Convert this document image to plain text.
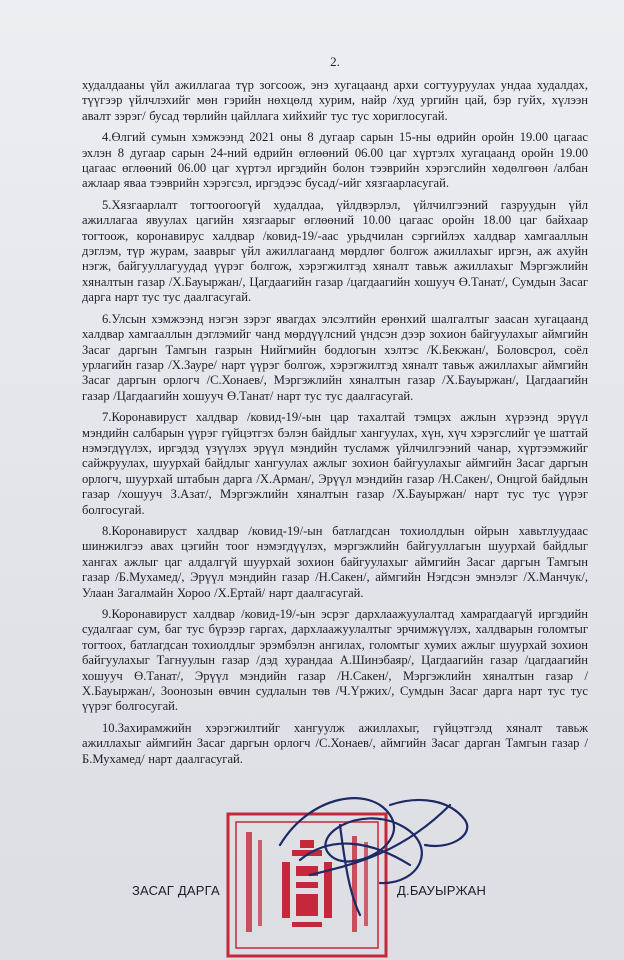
2.

худалдааны үйл ажиллагаа түр зогсоож, энэ хугацаанд архи согтууруулах ундаа худалдах, түүгээр үйлчлэхийг мөн гэрийн нөхцөлд хурим, найр /худ ургийн цай, бэр гуйх, хүлээн авалт зэрэг/ бусад төрлийн цайллага хийхийг тус тус хориглосугай.

4.Өлгий сумын хэмжээнд 2021 оны 8 дугаар сарын 15-ны өдрийн оройн 19.00 цагаас эхлэн 8 дугаар сарын 24-ний өдрийн өглөөний 06.00 цаг хүртэлх хугацаанд оройн 19.00 цагаас өглөөний 06.00 цаг хүртэл иргэдийн болон тээврийн хэрэгслийн хөдөлгөөн /албан ажлаар яваа тээврийн хэрэгсэл, иргэдээс бусад/-ийг хязгаарласугай.

5.Хязгаарлалт тогтоогоогүй худалдаа, үйлдвэрлэл, үйлчилгээний газруудын үйл ажиллагаа явуулах цагийн хязгаарыг өглөөний 10.00 цагаас оройн 18.00 цаг байхаар тогтоож, коронавирус халдвар /ковид-19/-аас урьдчилан сэргийлэх халдвар хамгааллын дэглэм, түр журам, зааврыг үйл ажиллагаанд мөрдлөг болгож ажиллахыг иргэн, аж ахуйн нэгж, байгууллагуудад үүрэг болгож, хэрэгжилтэд хяналт тавьж ажиллахыг Мэргэжлийн хяналтын газар /Х.Бауыржан/, Цагдаагийн газар /цагдаагийн хошууч Ө.Танат/, Сумдын Засаг дарга нарт тус тус даалгасугай.

6.Улсын хэмжээнд нэгэн зэрэг явагдах элсэлтийн ерөнхий шалгалтыг заасан хугацаанд халдвар хамгааллын дэглэмийг чанд мөрдүүлсний үндсэн дээр зохион байгуулахыг аймгийн Засаг даргын Тамгын газрын Нийгмийн бодлогын хэлтэс /К.Бекжан/, Боловсрол, соёл урлагийн газар /Х.Зауре/ нарт үүрэг болгож, хэрэгжилтэд хяналт тавьж ажиллахыг аймгийн Засаг даргын орлогч /С.Хонаев/, Мэргэжлийн хяналтын газар /Х.Бауыржан/, Цагдаагийн газар /Цагдаагийн хошууч Ө.Танат/ нарт тус тус даалгасугай.

7.Коронавируст халдвар /ковид-19/-ын цар тахалтай тэмцэх ажлын хүрээнд эрүүл мэндийн салбарын үүрэг гүйцэтгэх бэлэн байдлыг хангуулах, хүн, хүч хэрэгслийг үе шаттай нэмэгдүүлэх, иргэдэд үзүүлэх эрүүл мэндийн тусламж үйлчилгээний чанар, хүртээмжийг сайжруулах, шуурхай байдлыг хангуулах ажлыг зохион байгуулахыг аймгийн Засаг даргын орлогч, шуурхай штабын дарга /Х.Арман/, Эрүүл мэндийн газар /Н.Сакен/, Онцгой байдлын газар /хошууч З.Азат/, Мэргэжлийн хяналтын газар /Х.Бауыржан/ нарт тус тус үүрэг болгосугай.

8.Коронавируст халдвар /ковид-19/-ын батлагдсан тохиолдлын ойрын хавьтлуудаас шинжилгээ авах цэгийн тоог нэмэгдүүлэх, мэргэжлийн байгууллагын шуурхай байдлыг хангах ажлыг цаг алдалгүй шуурхай зохион байгуулахыг аймгийн Засаг даргын Тамгын газар /Б.Мухамед/, Эрүүл мэндийн газар /Н.Сакен/, аймгийн Нэгдсэн эмнэлэг /Х.Манчук/, Улаан Загалмайн Хороо /Х.Ертай/ нарт даалгасугай.

9.Коронавируст халдвар /ковид-19/-ын эсрэг дархлаажуулалтад хамрагдаагүй иргэдийн судалгааг сум, баг тус бүрээр гаргах, дархлаажуулалтыг эрчимжүүлэх, халдварын голомтыг тогтоох, батлагдсан тохиолдлыг эрэмбэлэн ангилах, голомтыг хумих ажлыг шуурхай зохион байгуулахыг Тагнуулын газар /дэд хурандаа А.Шинэбаяр/, Цагдаагийн газар /цагдаагийн хошууч Ө.Танат/, Эрүүл мэндийн газар /Н.Сакен/, Мэргэжлийн хяналтын газар /Х.Бауыржан/, Зоонозын өвчин судлалын төв /Ч.Үржих/, Сумдын Засаг дарга нарт тус тус үүрэг болгосугай.

10.Захирамжийн хэрэгжилтийг хангуулж ажиллахыг, гүйцэтгэлд хяналт тавьж ажиллахыг аймгийн Засаг даргын орлогч /С.Хонаев/, аймгийн Засаг дарган Тамгын газар /Б.Мухамед/ нарт даалгасугай.

ЗАСАГ ДАРГА	Д.БАУЫРЖАН
